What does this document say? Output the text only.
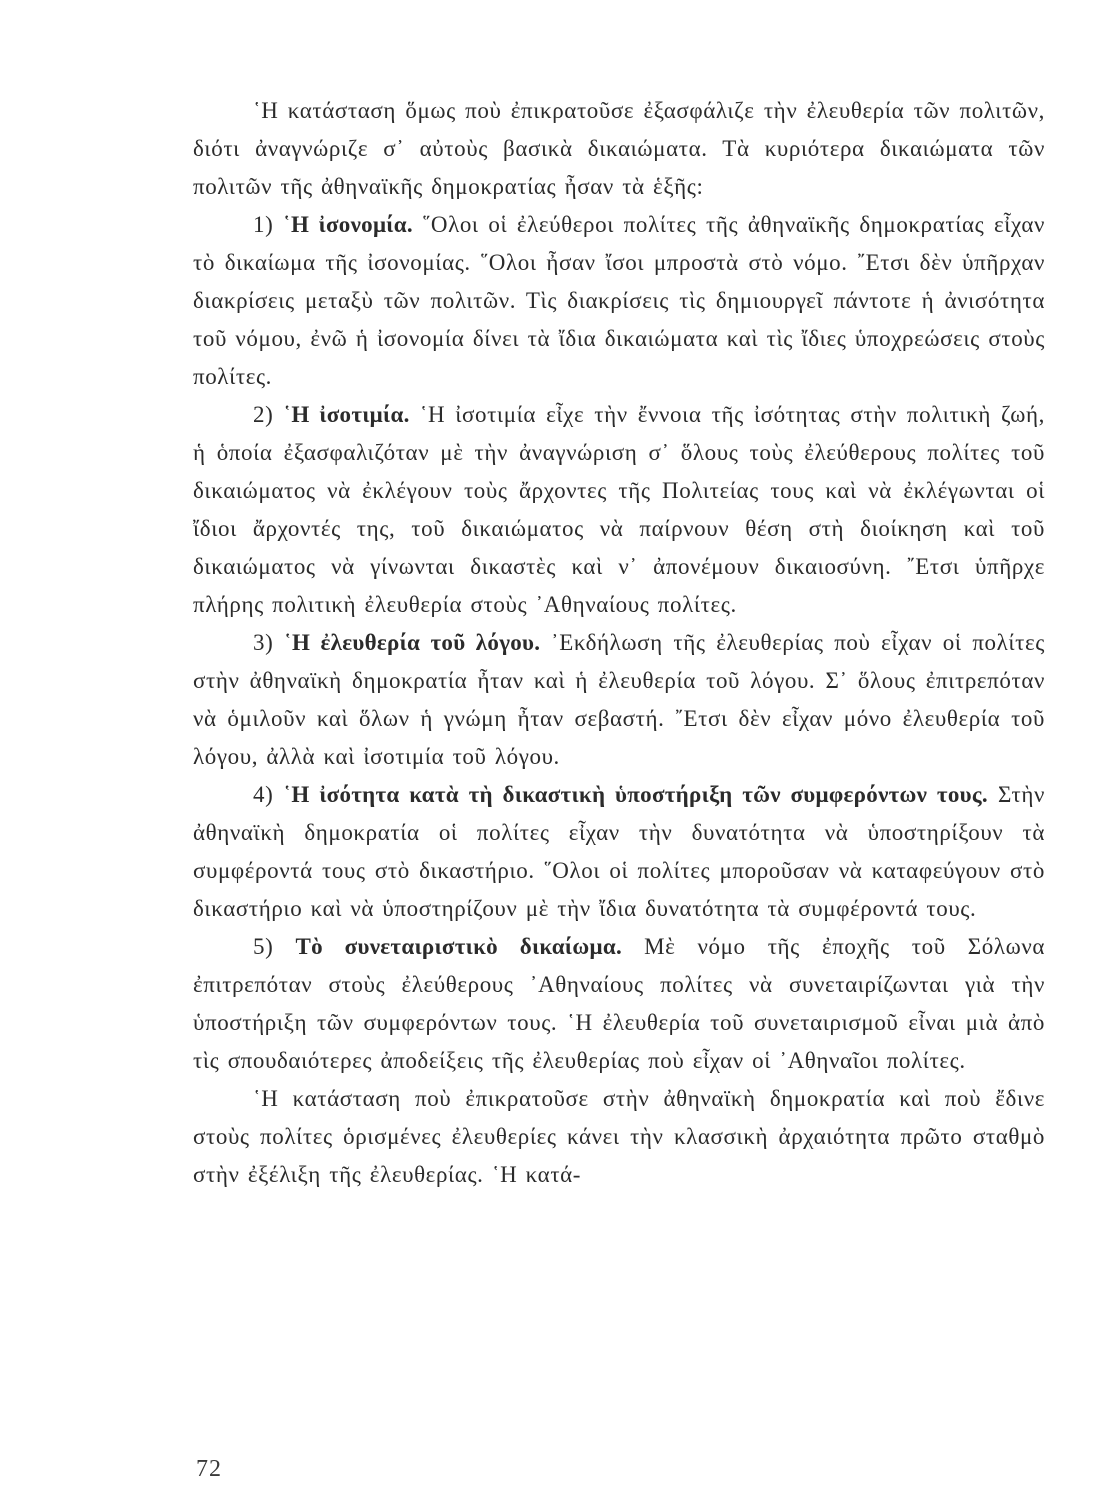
῾Η κατάσταση ὅμως ποὺ ἐπικρατοῦσε ἐξασφάλιζε τὴν ἐλευθερία τῶν πολιτῶν, διότι ἀναγνώριζε σ᾽ αὐτοὺς βασικὰ δικαιώματα. Τὰ κυριότερα δικαιώματα τῶν πολιτῶν τῆς ἀθηναϊκῆς δημοκρατίας ἦσαν τὰ ἑξῆς:

1) ῾Η ἰσονομία. ῞Ολοι οἱ ἐλεύθεροι πολίτες τῆς ἀθηναϊκῆς δημοκρατίας εἶχαν τὸ δικαίωμα τῆς ἰσονομίας. ῞Ολοι ἦσαν ἴσοι μπροστὰ στὸ νόμο. ῎Ετσι δὲν ὑπῆρχαν διακρίσεις μεταξὺ τῶν πολιτῶν. Τὶς διακρίσεις τὶς δημιουργεῖ πάντοτε ἡ ἀνισότητα τοῦ νόμου, ἐνῶ ἡ ἰσονομία δίνει τὰ ἴδια δικαιώματα καὶ τὶς ἴδιες ὑποχρεώσεις στοὺς πολίτες.

2) ῾Η ἰσοτιμία. ῾Η ἰσοτιμία εἶχε τὴν ἔννοια τῆς ἰσότητας στὴν πολιτικὴ ζωή, ἡ ὁποία ἐξασφαλιζόταν μὲ τὴν ἀναγνώριση σ᾽ ὅλους τοὺς ἐλεύθερους πολίτες τοῦ δικαιώματος νὰ ἐκλέγουν τοὺς ἄρχοντες τῆς Πολιτείας τους καὶ νὰ ἐκλέγωνται οἱ ἴδιοι ἄρχοντές της, τοῦ δικαιώματος νὰ παίρνουν θέση στὴ διοίκηση καὶ τοῦ δικαιώματος νὰ γίνωνται δικαστὲς καὶ ν᾽ ἀπονέμουν δικαιοσύνη. ῎Ετσι ὑπῆρχε πλήρης πολιτικὴ ἐλευθερία στοὺς ᾽Αθηναίους πολίτες.

3) ῾Η ἐλευθερία τοῦ λόγου. ᾽Εκδήλωση τῆς ἐλευθερίας ποὺ εἶχαν οἱ πολίτες στὴν ἀθηναϊκὴ δημοκρατία ἦταν καὶ ἡ ἐλευθερία τοῦ λόγου. Σ᾽ ὅλους ἐπιτρεπόταν νὰ ὁμιλοῦν καὶ ὅλων ἡ γνώμη ἦταν σεβαστή. ῎Ετσι δὲν εἶχαν μόνο ἐλευθερία τοῦ λόγου, ἀλλὰ καὶ ἰσοτιμία τοῦ λόγου.

4) ῾Η ἰσότητα κατὰ τὴ δικαστικὴ ὑποστήριξη τῶν συμφερόντων τους. Στὴν ἀθηναϊκὴ δημοκρατία οἱ πολίτες εἶχαν τὴν δυνατότητα νὰ ὑποστηρίξουν τὰ συμφέροντά τους στὸ δικαστήριο. ῞Ολοι οἱ πολίτες μποροῦσαν νὰ καταφεύγουν στὸ δικαστήριο καὶ νὰ ὑποστηρίζουν μὲ τὴν ἴδια δυνατότητα τὰ συμφέροντά τους.

5) Τὸ συνεταιριστικὸ δικαίωμα. Μὲ νόμο τῆς ἐποχῆς τοῦ Σόλωνα ἐπιτρεπόταν στοὺς ἐλεύθερους ᾽Αθηναίους πολίτες νὰ συνεταιρίζωνται γιὰ τὴν ὑποστήριξη τῶν συμφερόντων τους. ῾Η ἐλευθερία τοῦ συνεταιρισμοῦ εἶναι μιὰ ἀπὸ τὶς σπουδαιότερες ἀποδείξεις τῆς ἐλευθερίας ποὺ εἶχαν οἱ ᾽Αθηναῖοι πολίτες.

῾Η κατάσταση ποὺ ἐπικρατοῦσε στὴν ἀθηναϊκὴ δημοκρατία καὶ ποὺ ἔδινε στοὺς πολίτες ὁρισμένες ἐλευθερίες κάνει τὴν κλασσικὴ ἀρχαιότητα πρῶτο σταθμὸ στὴν ἐξέλιξη τῆς ἐλευθερίας. ῾Η κατά-

72
